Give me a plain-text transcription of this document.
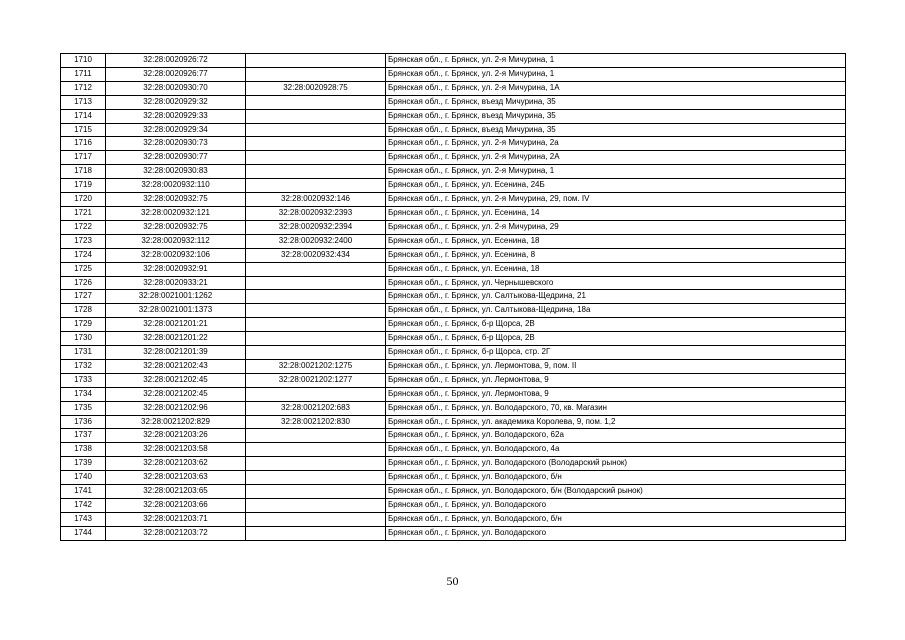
1710	32:28:0020926:72		Брянская обл., г. Брянск, ул. 2-я Мичурина, 1
1711	32:28:0020926:77		Брянская обл., г. Брянск, ул. 2-я Мичурина, 1
1712	32:28:0020930:70	32:28:0020928:75	Брянская обл., г. Брянск, ул. 2-я Мичурина, 1А
1713	32:28:0020929:32		Брянская обл., г. Брянск, въезд Мичурина, 35
1714	32:28:0020929:33		Брянская обл., г. Брянск, въезд Мичурина, 35
1715	32:28:0020929:34		Брянская обл., г. Брянск, въезд Мичурина, 35
1716	32:28:0020930:73		Брянская обл., г. Брянск, ул. 2-я Мичурина, 2а
1717	32:28:0020930:77		Брянская обл., г. Брянск, ул. 2-я Мичурина, 2А
1718	32:28:0020930:83		Брянская обл., г. Брянск, ул. 2-я Мичурина, 1
1719	32:28:0020932:110		Брянская обл., г. Брянск, ул. Есенина, 24Б
1720	32:28:0020932:75	32:28:0020932:146	Брянская обл., г. Брянск, ул. 2-я Мичурина, 29, пом. IV
1721	32:28:0020932:121	32:28:0020932:2393	Брянская обл., г. Брянск, ул. Есенина, 14
1722	32:28:0020932:75	32:28:0020932:2394	Брянская обл., г. Брянск, ул. 2-я Мичурина, 29
1723	32:28:0020932:112	32:28:0020932:2400	Брянская обл., г. Брянск, ул. Есенина, 18
1724	32:28:0020932:106	32:28:0020932:434	Брянская обл., г. Брянск, ул. Есенина, 8
1725	32:28:0020932:91		Брянская обл., г. Брянск, ул. Есенина, 18
1726	32:28:0020933:21		Брянская обл., г. Брянск, ул. Чернышевского
1727	32:28:0021001:1262		Брянская обл., г. Брянск, ул. Салтыкова-Щедрина, 21
1728	32:28:0021001:1373		Брянская обл., г. Брянск, ул. Салтыкова-Щедрина, 18а
1729	32:28:0021201:21		Брянская обл., г. Брянск, б-р Щорса, 2В
1730	32:28:0021201:22		Брянская обл., г. Брянск, б-р Щорса, 2В
1731	32:28:0021201:39		Брянская обл., г. Брянск, б-р Щорса, стр. 2Г
1732	32:28:0021202:43	32:28:0021202:1275	Брянская обл., г. Брянск, ул. Лермонтова, 9, пом. II
1733	32:28:0021202:45	32:28:0021202:1277	Брянская обл., г. Брянск, ул. Лермонтова, 9
1734	32:28:0021202:45		Брянская обл., г. Брянск, ул. Лермонтова, 9
1735	32:28:0021202:96	32:28:0021202:683	Брянская обл., г. Брянск, ул. Володарского, 70, кв. Магазин
1736	32:28:0021202:829	32:28:0021202:830	Брянская обл., г. Брянск, ул. академика Королева, 9, пом. 1,2
1737	32:28:0021203:26		Брянская обл., г. Брянск, ул. Володарского, 62а
1738	32:28:0021203:58		Брянская обл., г. Брянск, ул. Володарского, 4а
1739	32:28:0021203:62		Брянская обл., г. Брянск, ул. Володарского (Володарский рынок)
1740	32:28:0021203:63		Брянская обл., г. Брянск, ул. Володарского, б/н
1741	32:28:0021203:65		Брянская обл., г. Брянск, ул. Володарского, б/н (Володарский рынок)
1742	32:28:0021203:66		Брянская обл., г. Брянск, ул. Володарского
1743	32:28:0021203:71		Брянская обл., г. Брянск, ул. Володарского, б/н
1744	32:28:0021203:72		Брянская обл., г. Брянск, ул. Володарского
50
